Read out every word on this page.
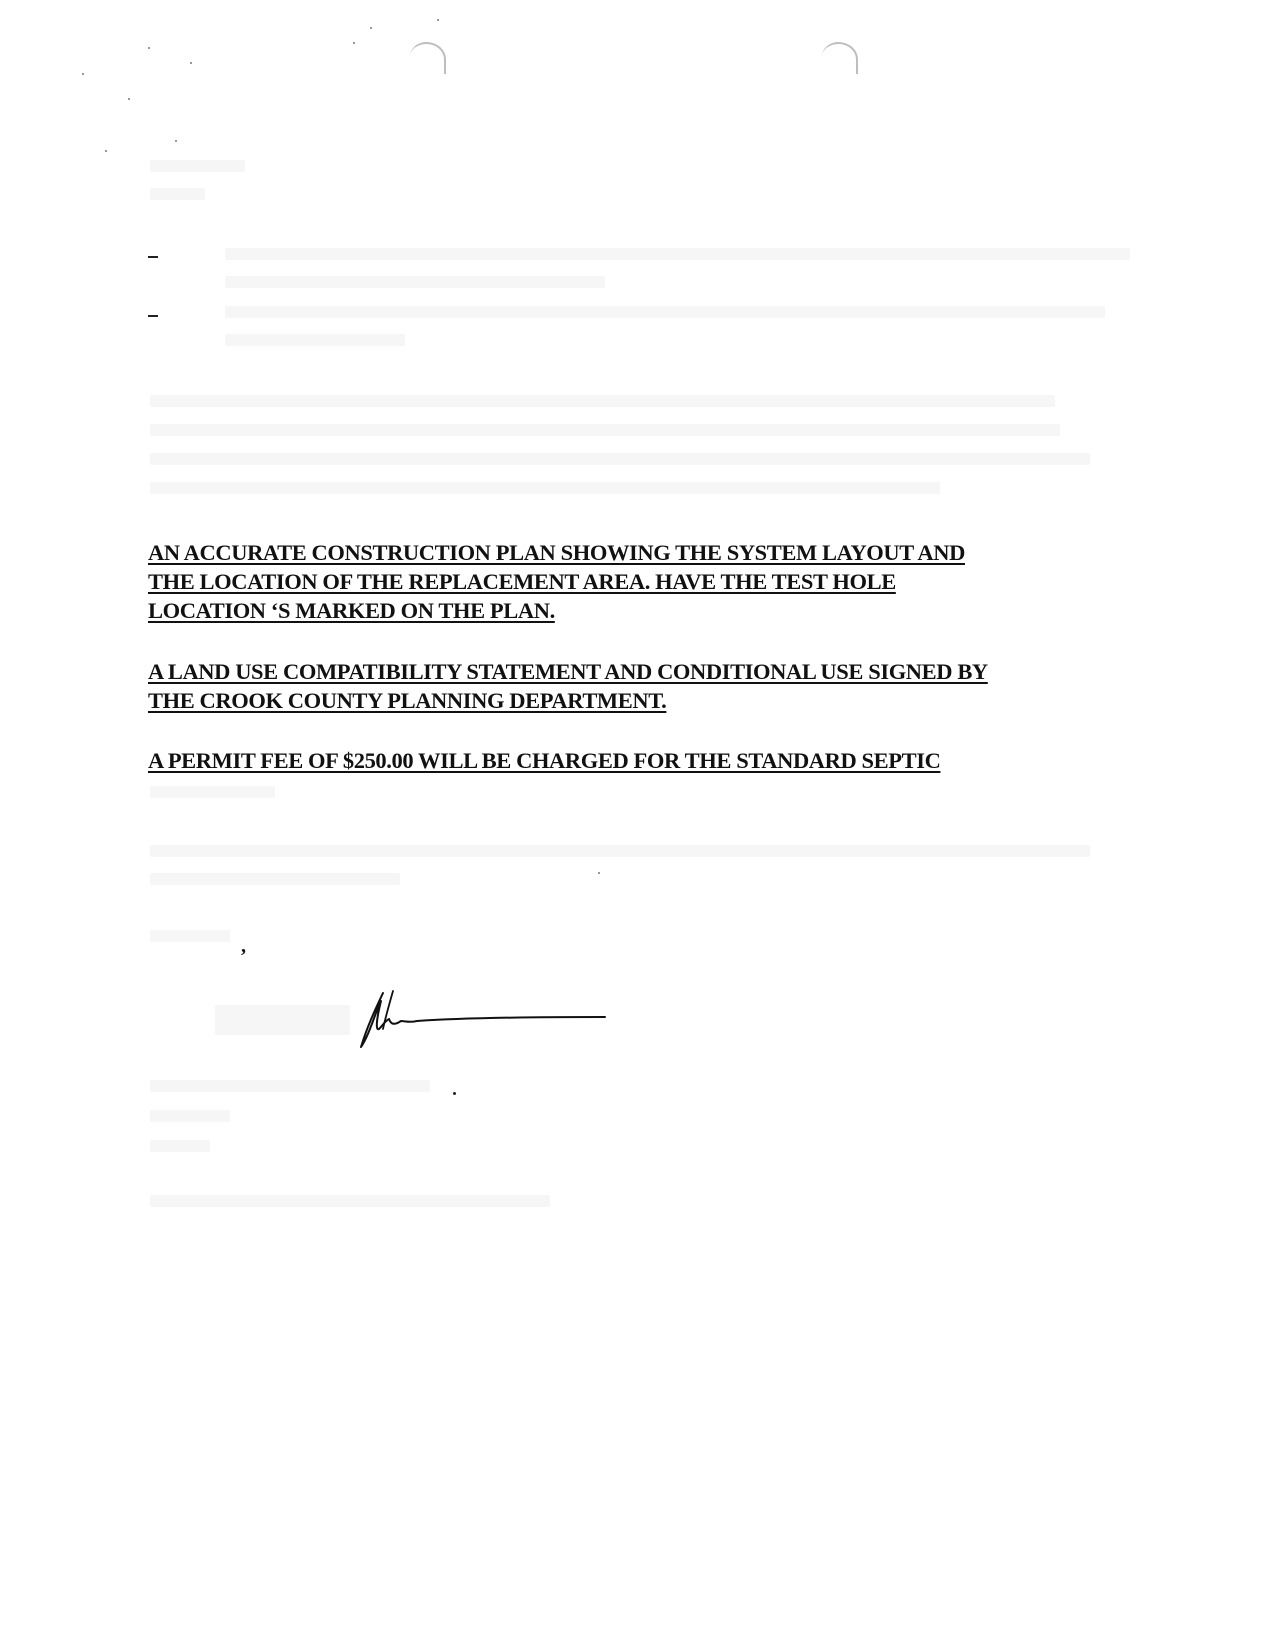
AN ACCURATE CONSTRUCTION PLAN SHOWING THE SYSTEM LAYOUT AND
THE LOCATION OF THE REPLACEMENT AREA. HAVE THE TEST HOLE
LOCATION ‘S MARKED ON THE PLAN.

A LAND USE COMPATIBILITY STATEMENT AND CONDITIONAL USE SIGNED BY
THE CROOK COUNTY PLANNING DEPARTMENT.

A PERMIT FEE OF $250.00 WILL BE CHARGED FOR THE STANDARD SEPTIC

,
